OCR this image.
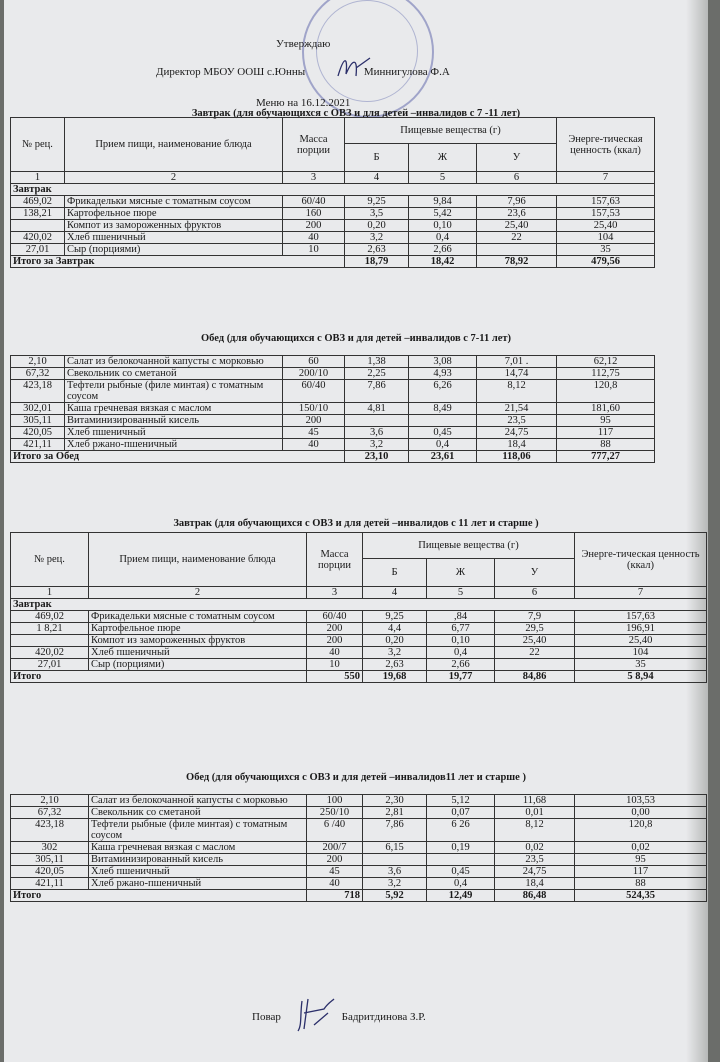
Утверждаю
Директор МБОУ ООШ с.Юнны	Миннигулова Ф.А
Меню на 16.12.2021
Завтрак (для обучающихся с ОВЗ и для детей –инвалидов с 7 -11 лет)
№ рец.	Прием пищи, наименование блюда	Масса порции	Пищевые вещества (г)			Энерге-тическая ценность (ккал)
			Б	Ж	У	
1	2	3	4	5	6	7
Завтрак						
469,02	Фрикадельки мясные с томатным соусом	60/40	9,25	9,84	7,96	157,63
138,21	Картофельное пюре	160	3,5	5,42	23,6	157,53
	Компот из замороженных фруктов	200	0,20	0,10	25,40	25,40
420,02	Хлеб пшеничный	40	3,2	0,4	22	104
27,01	Сыр (порциями)	10	2,63	2,66		35
Итого за Завтрак			18,79	18,42	78,92	479,56
Обед (для обучающихся с ОВЗ и для детей –инвалидов с 7-11 лет)
2,10	Салат из белокочанной капусты с морковью	60	1,38	3,08	7,01 .	62,12
67,32	Свекольник со сметаной	200/10	2,25	4,93	14,74	112,75
423,18	Тефтели рыбные (филе минтая) с томатным соусом	60/40	7,86	6,26	8,12	120,8
302,01	Каша гречневая вязкая с маслом	150/10	4,81	8,49	21,54	181,60
305,11	Витаминизированный кисель	200			23,5	95
420,05	Хлеб пшеничный	45	3,6	0,45	24,75	117
421,11	Хлеб ржано-пшеничный	40	3,2	0,4	18,4	88
Итого за Обед			23,10	23,61	118,06	777,27
Завтрак (для обучающихся с ОВЗ и для детей –инвалидов с 11 лет и старше )
№ рец.	Прием пищи, наименование блюда	Масса порции	Пищевые вещества (г)			Энерге-тическая ценность (ккал)
			Б	Ж	У	
1	2	3	4	5	6	7
Завтрак						
469,02	Фрикадельки мясные с томатным соусом	60/40	9,25	,84	7,9	157,63
1 8,21	Картофельное пюре	200	4,4	6,77	29,5	196,91
	Компот из замороженных фруктов	200	0,20	0,10	25,40	25,40
420,02	Хлеб пшеничный	40	3,2	0,4	22	104
27,01	Сыр (порциями)	10	2,63	2,66		35
Итого		550	19,68	19,77	84,86	5 8,94
Обед (для обучающихся с ОВЗ и для детей –инвалидов11 лет и старше )
2,10	Салат из белокочанной капусты с морковью	100	2,30	5,12	11,68	103,53
67,32	Свекольник со сметаной	250/10	2,81	0,07	0,01	0,00
423,18	Тефтели рыбные (филе минтая) с томатным соусом	6 /40	7,86	6 26	8,12	120,8
302	Каша гречневая вязкая с маслом	200/7	6,15	0,19	0,02	0,02
305,11	Витаминизированный кисель	200			23,5	95
420,05	Хлеб пшеничный	45	3,6	0,45	24,75	117
421,11	Хлеб ржано-пшеничный	40	3,2	0,4	18,4	88
Итого		718	5,92	12,49	86,48	524,35
Повар	Бадритдинова З.Р.
